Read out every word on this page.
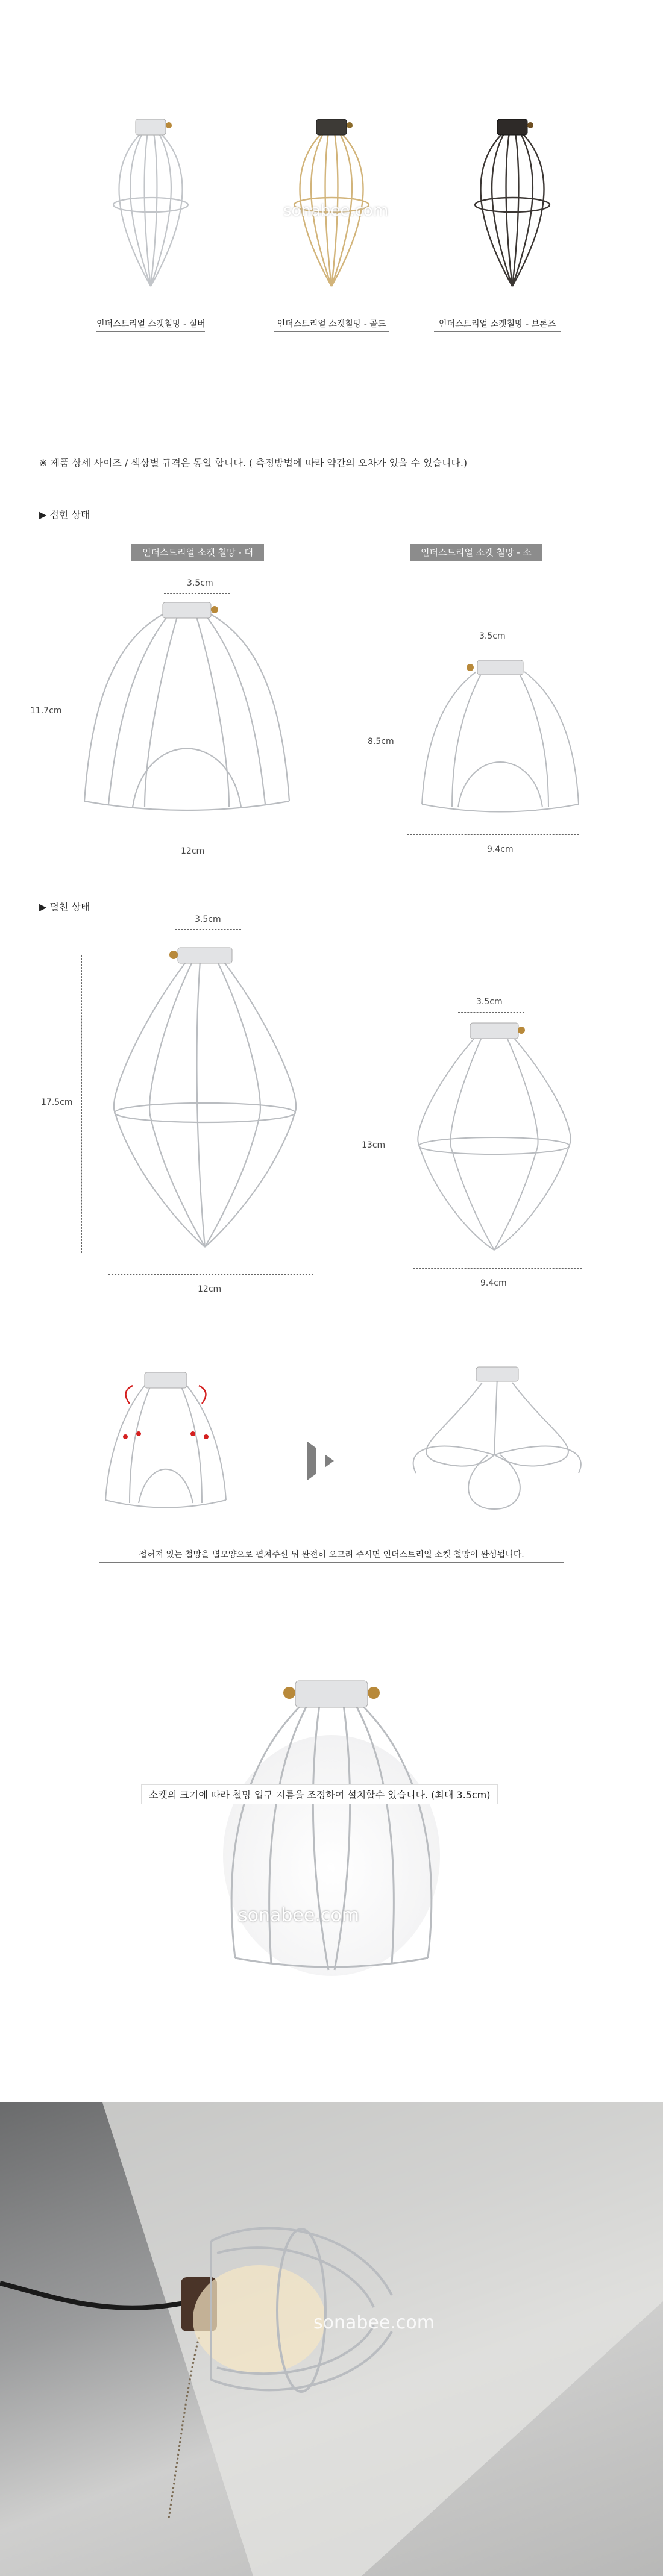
sonabee.com
인더스트리얼 소켓철망 - 실버	인더스트리얼 소켓철망 - 골드	인더스트리얼 소켓철망 - 브론즈
※ 제품 상세 사이즈 / 색상별 규격은 동일 합니다. ( 측정방법에 따라 약간의 오차가 있을 수 있습니다.)
▶ 접힌 상태
인더스트리얼 소켓 철망 - 대	인더스트리얼 소켓 철망 - 소
3.5cm
11.7cm
12cm
3.5cm
8.5cm
9.4cm
▶ 펼친 상태
3.5cm
17.5cm
12cm
3.5cm
13cm
9.4cm
접혀져 있는 철망을 별모양으로 펼쳐주신 뒤 완전히 오므려 주시면 인더스트리얼 소켓 철망이 완성됩니다.
소켓의 크기에 따라 철망 입구 지름을 조정하여 설치할수 있습니다. (최대 3.5cm)
sonabee.com
sonabee.com
